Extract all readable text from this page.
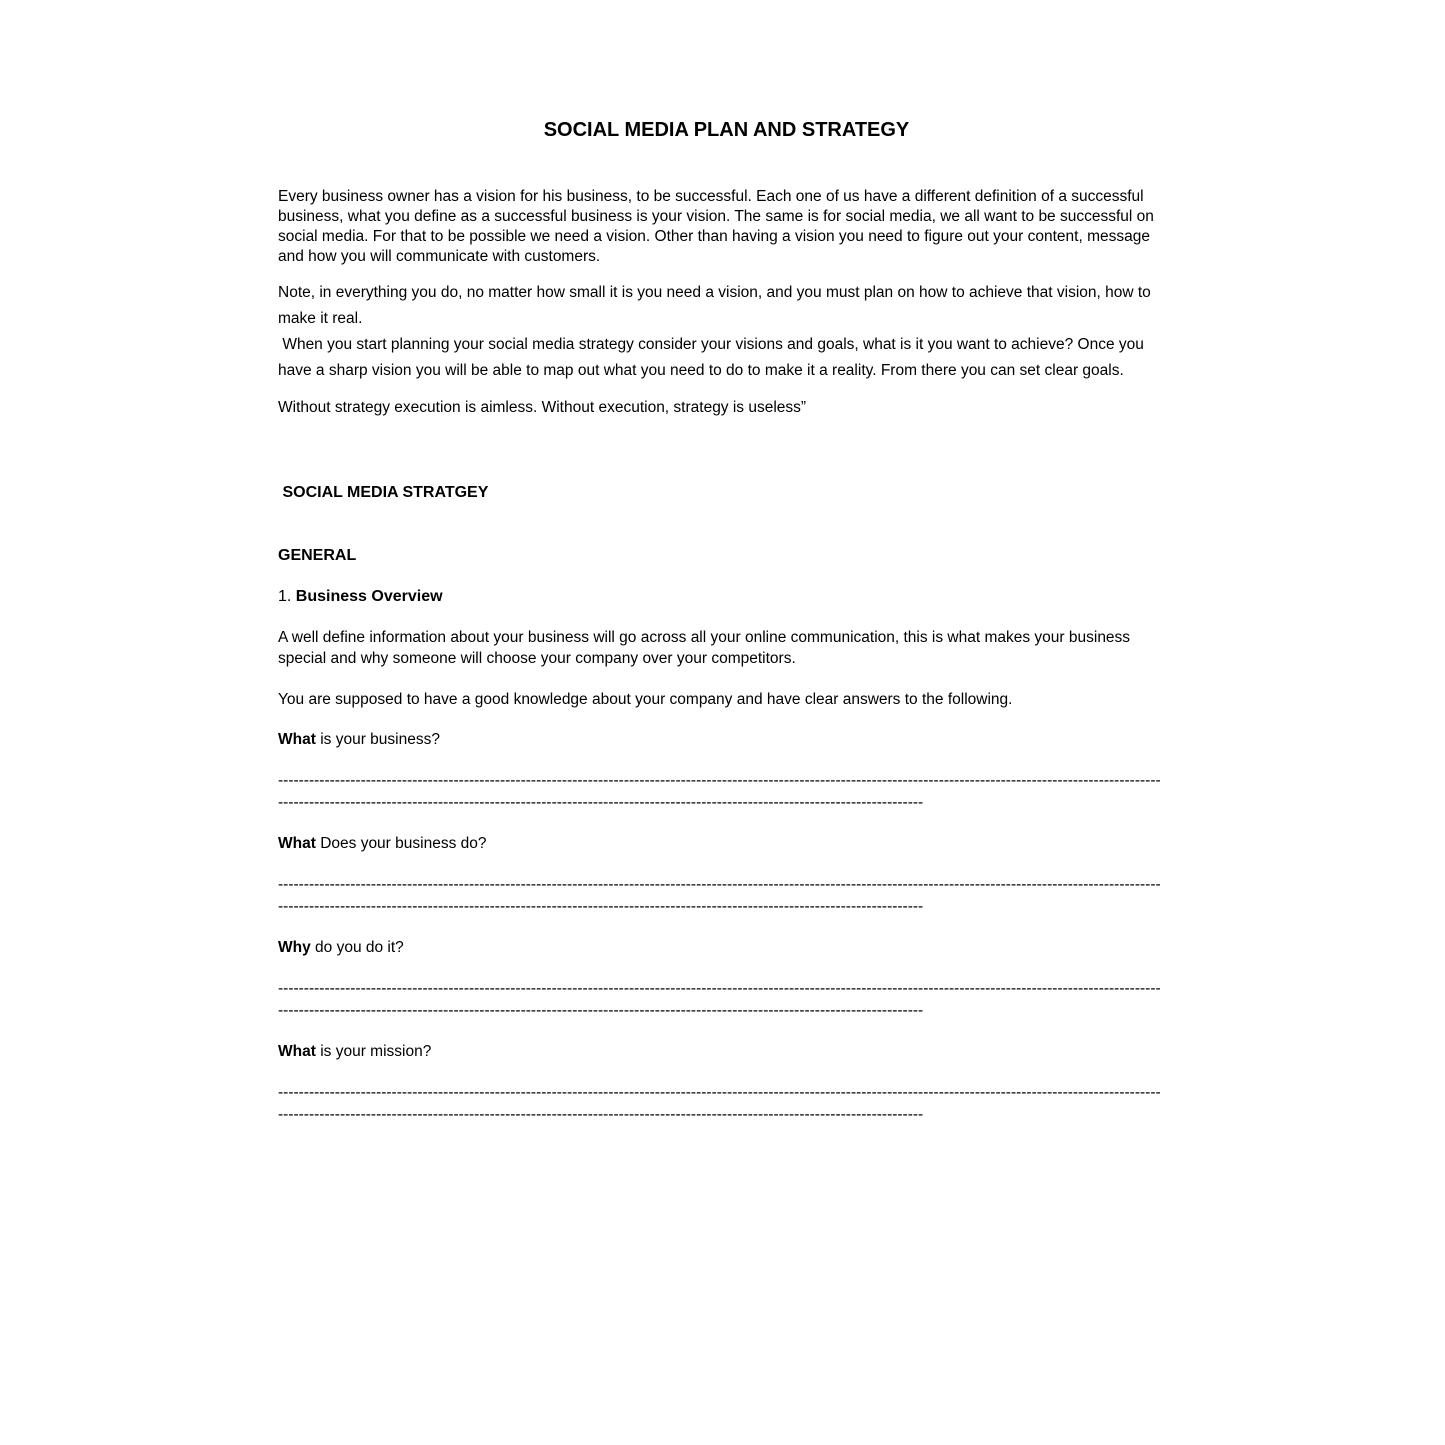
SOCIAL MEDIA PLAN AND STRATEGY

Every business owner has a vision for his business, to be successful. Each one of us have a different definition of a successful business, what you define as a successful business is your vision. The same is for social media, we all want to be successful on social media. For that to be possible we need a vision. Other than having a vision you need to figure out your content, message and how you will communicate with customers.

Note, in everything you do, no matter how small it is you need a vision, and you must plan on how to achieve that vision, how to make it real.

When you start planning your social media strategy consider your visions and goals, what is it you want to achieve? Once you have a sharp vision you will be able to map out what you need to do to make it a reality. From there you can set clear goals.

Without strategy execution is aimless. Without execution, strategy is useless”

SOCIAL MEDIA STRATGEY
GENERAL

1. Business Overview

A well define information about your business will go across all your online communication, this is what makes your business special and why someone will choose your company over your competitors.

You are supposed to have a good knowledge about your company and have clear answers to the following.

What is your business?

---------------------------------------------------------------------------------------------------------------------------------------------------------------------------
-----------------------------------------------------------------------------------------------------------------------------

What Does your business do?

---------------------------------------------------------------------------------------------------------------------------------------------------------------------------
-----------------------------------------------------------------------------------------------------------------------------

Why do you do it?

---------------------------------------------------------------------------------------------------------------------------------------------------------------------------
-----------------------------------------------------------------------------------------------------------------------------

What is your mission?

---------------------------------------------------------------------------------------------------------------------------------------------------------------------------
-----------------------------------------------------------------------------------------------------------------------------
